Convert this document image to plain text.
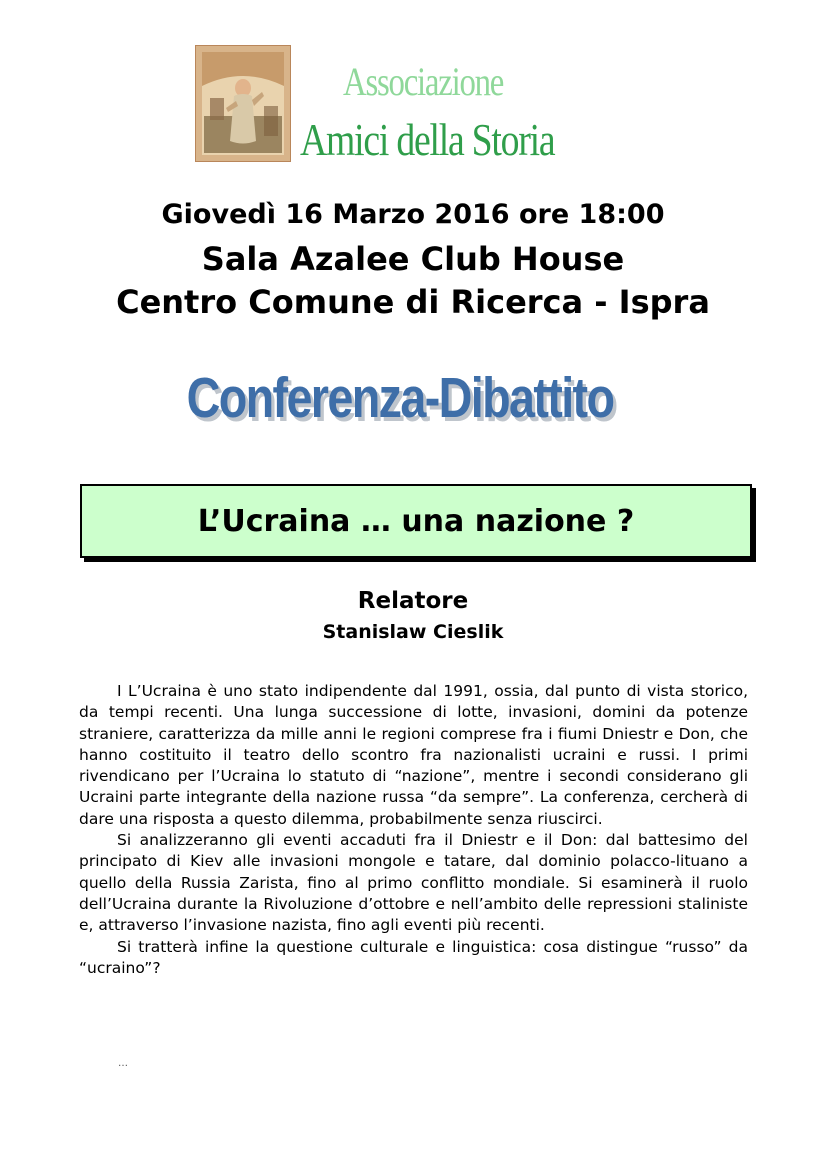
Associazione
Amici della Storia
Giovedì 16 Marzo 2016 ore 18:00
Sala Azalee Club House
Centro Comune di Ricerca - Ispra
Conferenza-Dibattito
L’Ucraina … una nazione ?
Relatore
Stanislaw Cieslik

I L’Ucraina è uno stato indipendente dal 1991, ossia, dal punto di vista storico, da tempi recenti. Una lunga successione di lotte, invasioni, domini da potenze straniere, caratterizza da mille anni le regioni comprese fra i fiumi Dniestr e Don, che hanno costituito il teatro dello scontro fra nazionalisti ucraini e russi. I primi rivendicano per l’Ucraina lo statuto di “nazione”, mentre i secondi considerano gli Ucraini parte integrante della nazione russa “da sempre”. La conferenza, cercherà di dare una risposta a questo dilemma, probabilmente senza riuscirci.

Si analizzeranno gli eventi accaduti fra il Dniestr e il Don: dal battesimo del principato di Kiev alle invasioni mongole e tatare, dal dominio polacco-lituano a quello della Russia Zarista, fino al primo conflitto mondiale. Si esaminerà il ruolo dell’Ucraina durante la Rivoluzione d’ottobre e nell’ambito delle repressioni staliniste e, attraverso l’invasione nazista, fino agli eventi più recenti.

Si tratterà infine la questione culturale e linguistica: cosa distingue “russo” da “ucraino”?

…
